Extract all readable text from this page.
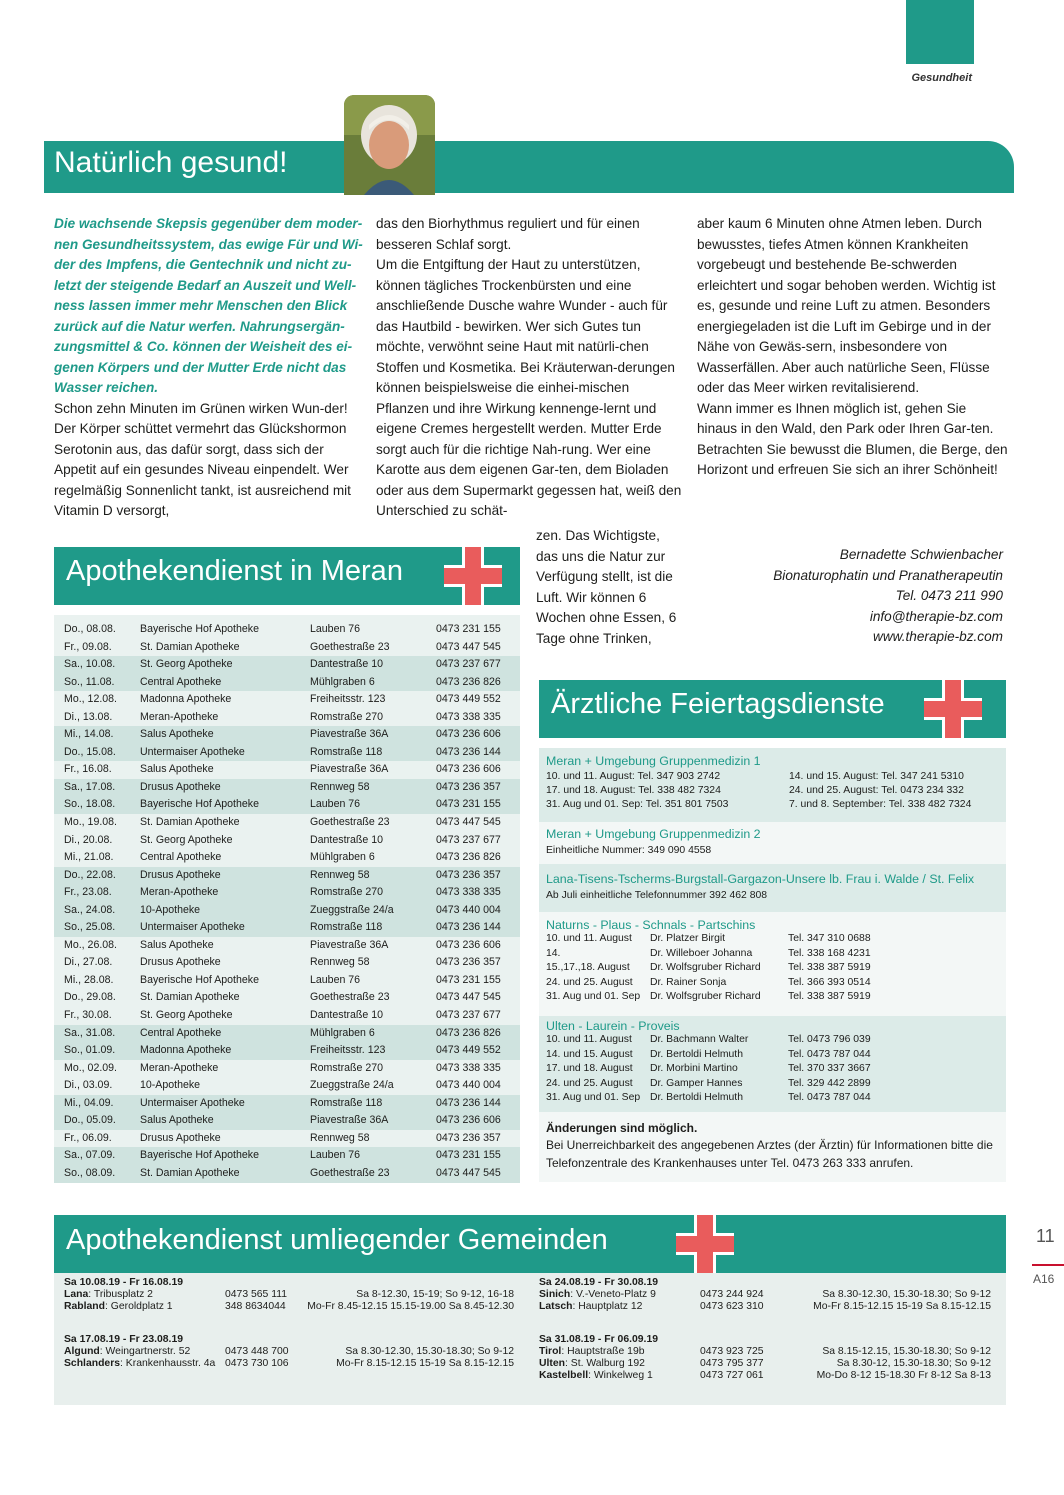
Gesundheit
Natürlich gesund!
Die wachsende Skepsis gegenüber dem moder-nen Gesundheitssystem, das ewige Für und Wi-der des Impfens, die Gentechnik und nicht zu-letzt der steigende Bedarf an Auszeit und Well-ness lassen immer mehr Menschen den Blick zurück auf die Natur werfen. Nahrungsergän-zungsmittel & Co. können der Weisheit des ei-genen Körpers und der Mutter Erde nicht das Wasser reichen.
Schon zehn Minuten im Grünen wirken Wun-der! Der Körper schüttet vermehrt das Glückshormon Serotonin aus, das dafür sorgt, dass sich der Appetit auf ein gesundes Niveau einpendelt. Wer regelmäßig Sonnenlicht tankt, ist ausreichend mit Vitamin D versorgt,
das den Biorhythmus reguliert und für einen besseren Schlaf sorgt.
Um die Entgiftung der Haut zu unterstützen, können tägliches Trockenbürsten und eine anschließende Dusche wahre Wunder - auch für das Hautbild - bewirken. Wer sich Gutes tun möchte, verwöhnt seine Haut mit natürli-chen Stoffen und Kosmetika. Bei Kräuterwan-derungen können beispielsweise die einhei-mischen Pflanzen und ihre Wirkung kennenge-lernt und eigene Cremes hergestellt werden. Mutter Erde sorgt auch für die richtige Nah-rung. Wer eine Karotte aus dem eigenen Gar-ten, dem Bioladen oder aus dem Supermarkt gegessen hat, weiß den Unterschied zu schät-
zen. Das Wichtigste, das uns die Natur zur Verfügung stellt, ist die Luft. Wir können 6 Wochen ohne Essen, 6 Tage ohne Trinken,
aber kaum 6 Minuten ohne Atmen leben. Durch bewusstes, tiefes Atmen können Krankheiten vorgebeugt und bestehende Be-schwerden erleichtert und sogar behoben werden. Wichtig ist es, gesunde und reine Luft zu atmen. Besonders energiegeladen ist die Luft im Gebirge und in der Nähe von Gewäs-sern, insbesondere von Wasserfällen. Aber auch natürliche Seen, Flüsse oder das Meer wirken revitalisierend.
Wann immer es Ihnen möglich ist, gehen Sie hinaus in den Wald, den Park oder Ihren Gar-ten. Betrachten Sie bewusst die Blumen, die Berge, den Horizont und erfreuen Sie sich an ihrer Schönheit!
Bernadette Schwienbacher
Bionaturophatin und Pranatherapeutin
Tel. 0473 211 990
info@therapie-bz.com
www.therapie-bz.com
Apothekendienst in Meran
Do., 08.08. Bayerische Hof Apotheke	Lauben 76	0473 231 155
Fr., 09.08.	St. Damian Apotheke	Goethestraße 23	0473 447 545
Sa., 10.08. St. Georg Apotheke	Dantestraße 10	0473 237 677
So., 11.08. Central Apotheke	Mühlgraben 6	0473 236 826
Mo., 12.08. Madonna Apotheke	Freiheitsstr. 123	0473 449 552
Di., 13.08.	Meran-Apotheke	Romstraße 270	0473 338 335
Mi., 14.08.	Salus Apotheke	Piavestraße 36A	0473 236 606
Do., 15.08. Untermaiser Apotheke	Romstraße 118	0473 236 144
Fr., 16.08.	Salus Apotheke	Piavestraße 36A	0473 236 606
Sa., 17.08. Drusus Apotheke	Rennweg 58	0473 236 357
So., 18.08. Bayerische Hof Apotheke	Lauben 76	0473 231 155
Mo., 19.08. St. Damian Apotheke	Goethestraße 23	0473 447 545
Di., 20.08.	St. Georg Apotheke	Dantestraße 10	0473 237 677
Mi., 21.08.	Central Apotheke	Mühlgraben 6	0473 236 826
Do., 22.08. Drusus Apotheke	Rennweg 58	0473 236 357
Fr., 23.08.	Meran-Apotheke	Romstraße 270	0473 338 335
Sa., 24.08. 10-Apotheke	Zueggstraße 24/a	0473 440 004
So., 25.08. Untermaiser Apotheke	Romstraße 118	0473 236 144
Mo., 26.08. Salus Apotheke	Piavestraße 36A	0473 236 606
Di., 27.08.	Drusus Apotheke	Rennweg 58	0473 236 357
Mi., 28.08.	Bayerische Hof Apotheke	Lauben 76	0473 231 155
Do., 29.08. St. Damian Apotheke	Goethestraße 23	0473 447 545
Fr., 30.08.	St. Georg Apotheke	Dantestraße 10	0473 237 677
Sa., 31.08. Central Apotheke	Mühlgraben 6	0473 236 826
So., 01.09. Madonna Apotheke	Freiheitsstr. 123	0473 449 552
Mo., 02.09. Meran-Apotheke	Romstraße 270	0473 338 335
Di., 03.09.	10-Apotheke	Zueggstraße 24/a	0473 440 004
Mi., 04.09.	Untermaiser Apotheke	Romstraße 118	0473 236 144
Do., 05.09. Salus Apotheke	Piavestraße 36A	0473 236 606
Fr., 06.09.	Drusus Apotheke	Rennweg 58	0473 236 357
Sa., 07.09. Bayerische Hof Apotheke	Lauben 76	0473 231 155
So., 08.09. St. Damian Apotheke	Goethestraße 23	0473 447 545
Ärztliche Feiertagsdienste
Meran + Umgebung Gruppenmedizin 1
10. und 11. August: Tel. 347 903 2742
17. und 18. August: Tel. 338 482 7324
31. Aug und 01. Sep: Tel. 351 801 7503
14. und 15. August: Tel. 347 241 5310
24. und 25. August: Tel. 0473 234 332
7. und 8. September: Tel. 338 482 7324
Meran + Umgebung Gruppenmedizin 2
Einheitliche Nummer: 349 090 4558
Lana-Tisens-Tscherms-Burgstall-Gargazon-Unsere lb. Frau i. Walde / St. Felix
Ab Juli einheitliche Telefonnummer 392 462 808
Naturns - Plaus - Schnals - Partschins
10. und 11. August Dr. Platzer Birgit	Tel. 347 310 0688
14.	Dr. Willeboer Johanna	Tel. 338 168 4231
15.,17.,18. August Dr. Wolfsgruber Richard	Tel. 338 387 5919
24. und 25. August Dr. Rainer Sonja	Tel. 366 393 0514
31. Aug und 01. Sep Dr. Wolfsgruber Richard	Tel. 338 387 5919
Ulten - Laurein - Proveis
10. und 11. August Dr. Bachmann Walter	Tel. 0473 796 039
14. und 15. August Dr. Bertoldi Helmuth	Tel. 0473 787 044
17. und 18. August Dr. Morbini Martino	Tel. 370 337 3667
24. und 25. August Dr. Gamper Hannes	Tel. 329 442 2899
31. Aug und 01. Sep Dr. Bertoldi Helmuth	Tel. 0473 787 044
Änderungen sind möglich.
Bei Unerreichbarkeit des angegebenen Arztes (der Ärztin) für Informationen bitte die Telefonzentrale des Krankenhauses unter Tel. 0473 263 333 anrufen.
Apothekendienst umliegender Gemeinden
Sa 10.08.19 - Fr 16.08.19
Lana: Tribusplatz 2	0473 565 111	Sa 8-12.30, 15-19; So 9-12, 16-18
Rabland: Geroldplatz 1	348 8634044 Mo-Fr 8.45-12.15 15.15-19.00 Sa 8.45-12.30
Sa 17.08.19 - Fr 23.08.19
Algund: Weingartnerstr. 52	0473 448 700	Sa 8.30-12.30, 15.30-18.30; So 9-12
Schlanders: Krankenhausstr. 4a 0473 730 106	Mo-Fr 8.15-12.15 15-19 Sa 8.15-12.15
Sa 24.08.19 - Fr 30.08.19
Sinich: V.-Veneto-Platz 9	0473 244 924	Sa 8.30-12.30, 15.30-18.30; So 9-12
Latsch: Hauptplatz 12	0473 623 310	Mo-Fr 8.15-12.15 15-19 Sa 8.15-12.15
Sa 31.08.19 - Fr 06.09.19
Tirol: Hauptstraße 19b	0473 923 725	Sa 8.15-12.15, 15.30-18.30; So 9-12
Ulten: St. Walburg 192	0473 795 377	Sa 8.30-12, 15.30-18.30; So 9-12
Kastelbell: Winkelweg 1	0473 727 061	Mo-Do 8-12 15-18.30 Fr 8-12 Sa 8-13
11
A16
